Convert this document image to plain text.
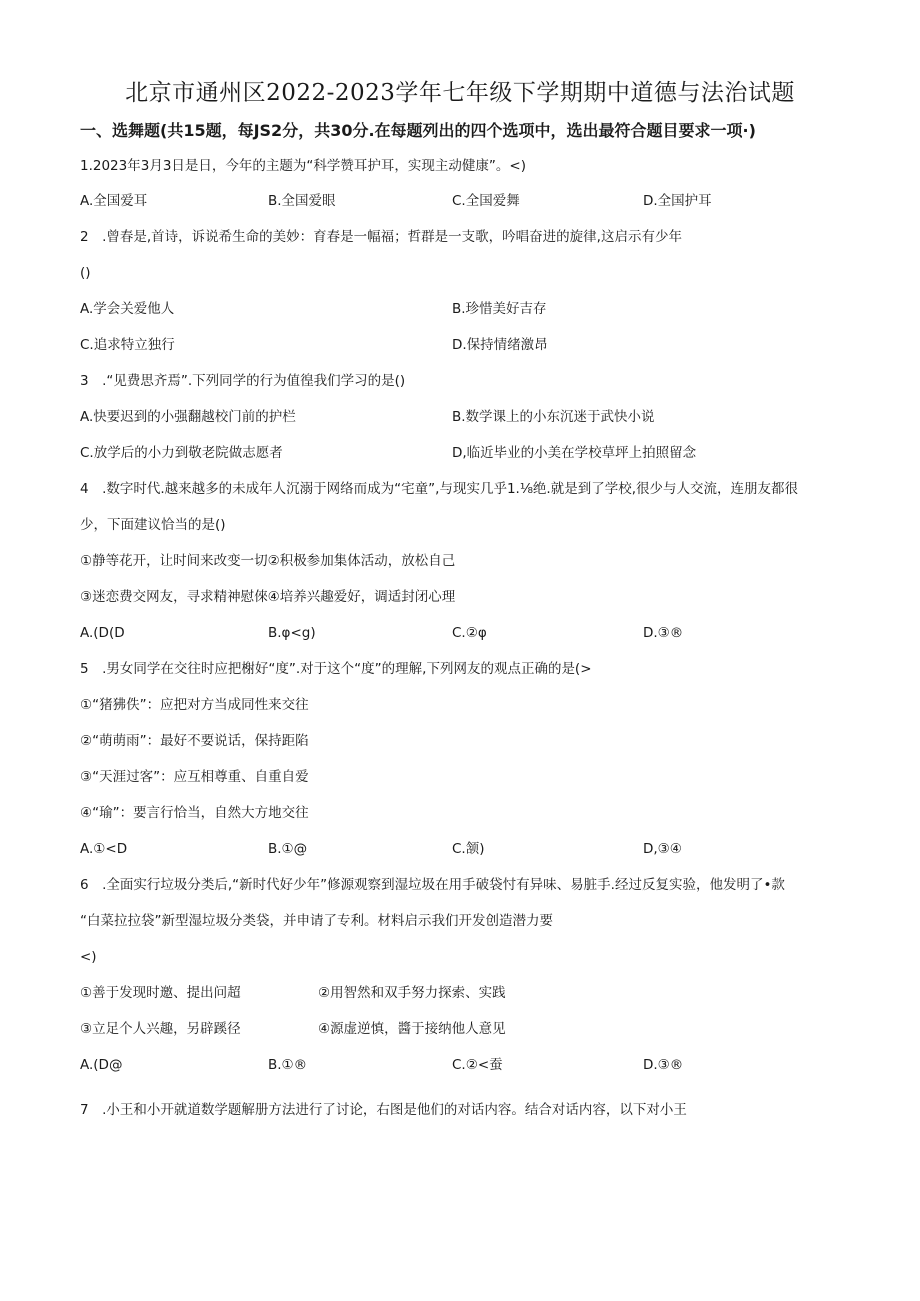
北京市通州区2022-2023学年七年级下学期期中道德与法治试题
一、选舞题(共15题，每JS2分，共30分.在每题列出的四个选项中，选出最符合题目要求一项·)
1.2023年3月3日是日，今年的主题为“科学赞耳护耳，实现主动健康”。<)
A.全国爱耳	B.全国爱眼	C.全国爱舞	D.全国护耳
2　.曾春是,首诗，诉说希生命的美妙：育春是一幅福；哲群是一支歌，吟唱奋进的旋律,这启示有少年
()
A.学会关爱他人	B.珍惜美好吉存
C.追求特立独行	D.保持情绪激昂
3　.“见费思齐焉”.下列同学的行为值徨我们学习的是()
A.快要迟到的小强翻越校门前的护栏	B.数学课上的小东沉迷于武快小说
C.放学后的小力到敬老院做志愿者	D,临近毕业的小美在学校草坪上拍照留念
4　.数字时代.越来越多的未成年人沉溺于网络而成为“宅童”,与现实几乎1.⅛绝.就是到了学校,很少与人交流，连朋友都很
少，下面建议恰当的是()
①静等花开，让时间来改变一切②积极参加集体活动，放松自己
③迷恋费交网友，寻求精神慰倈④培养兴趣爱好，调适封闭心理
A.(D(D	B.φ<g)	C.②φ	D.③®
5　.男女同学在交往时应把榭好“度”.对于这个“度”的理解,下列网友的观点正确的是(>
①“猪狒佚”：应把对方当成同性来交往
②“萌萌雨”：最好不要说话，保持距陷
③“天涯过客”：应互相尊重、自重自爱
④“瑜”：要言行恰当，自然大方地交往
A.①<D	B.①@	C.颔)	D,③④
6　.全面实行垃圾分类后,“新时代好少年”修源观察到湿垃圾在用手破袋忖有异味、易脏手.经过反复实验，他发明了•款
“白菜拉拉袋”新型湿垃圾分类袋，并申请了专利。材料启示我们开发创造潜力要
<)
①善于发现时邀、提出问超	②用智然和双手努力探索、实践
③立足个人兴趣，另辟蹊径	④源虚逆慎，醬于接纳他人意见
A.(D@	B.①®	C.②<蚕	D.③®
7　.小王和小开就道数学题解册方法进行了讨论，右图是他们的对话内容。结合对话内容，以下对小王
